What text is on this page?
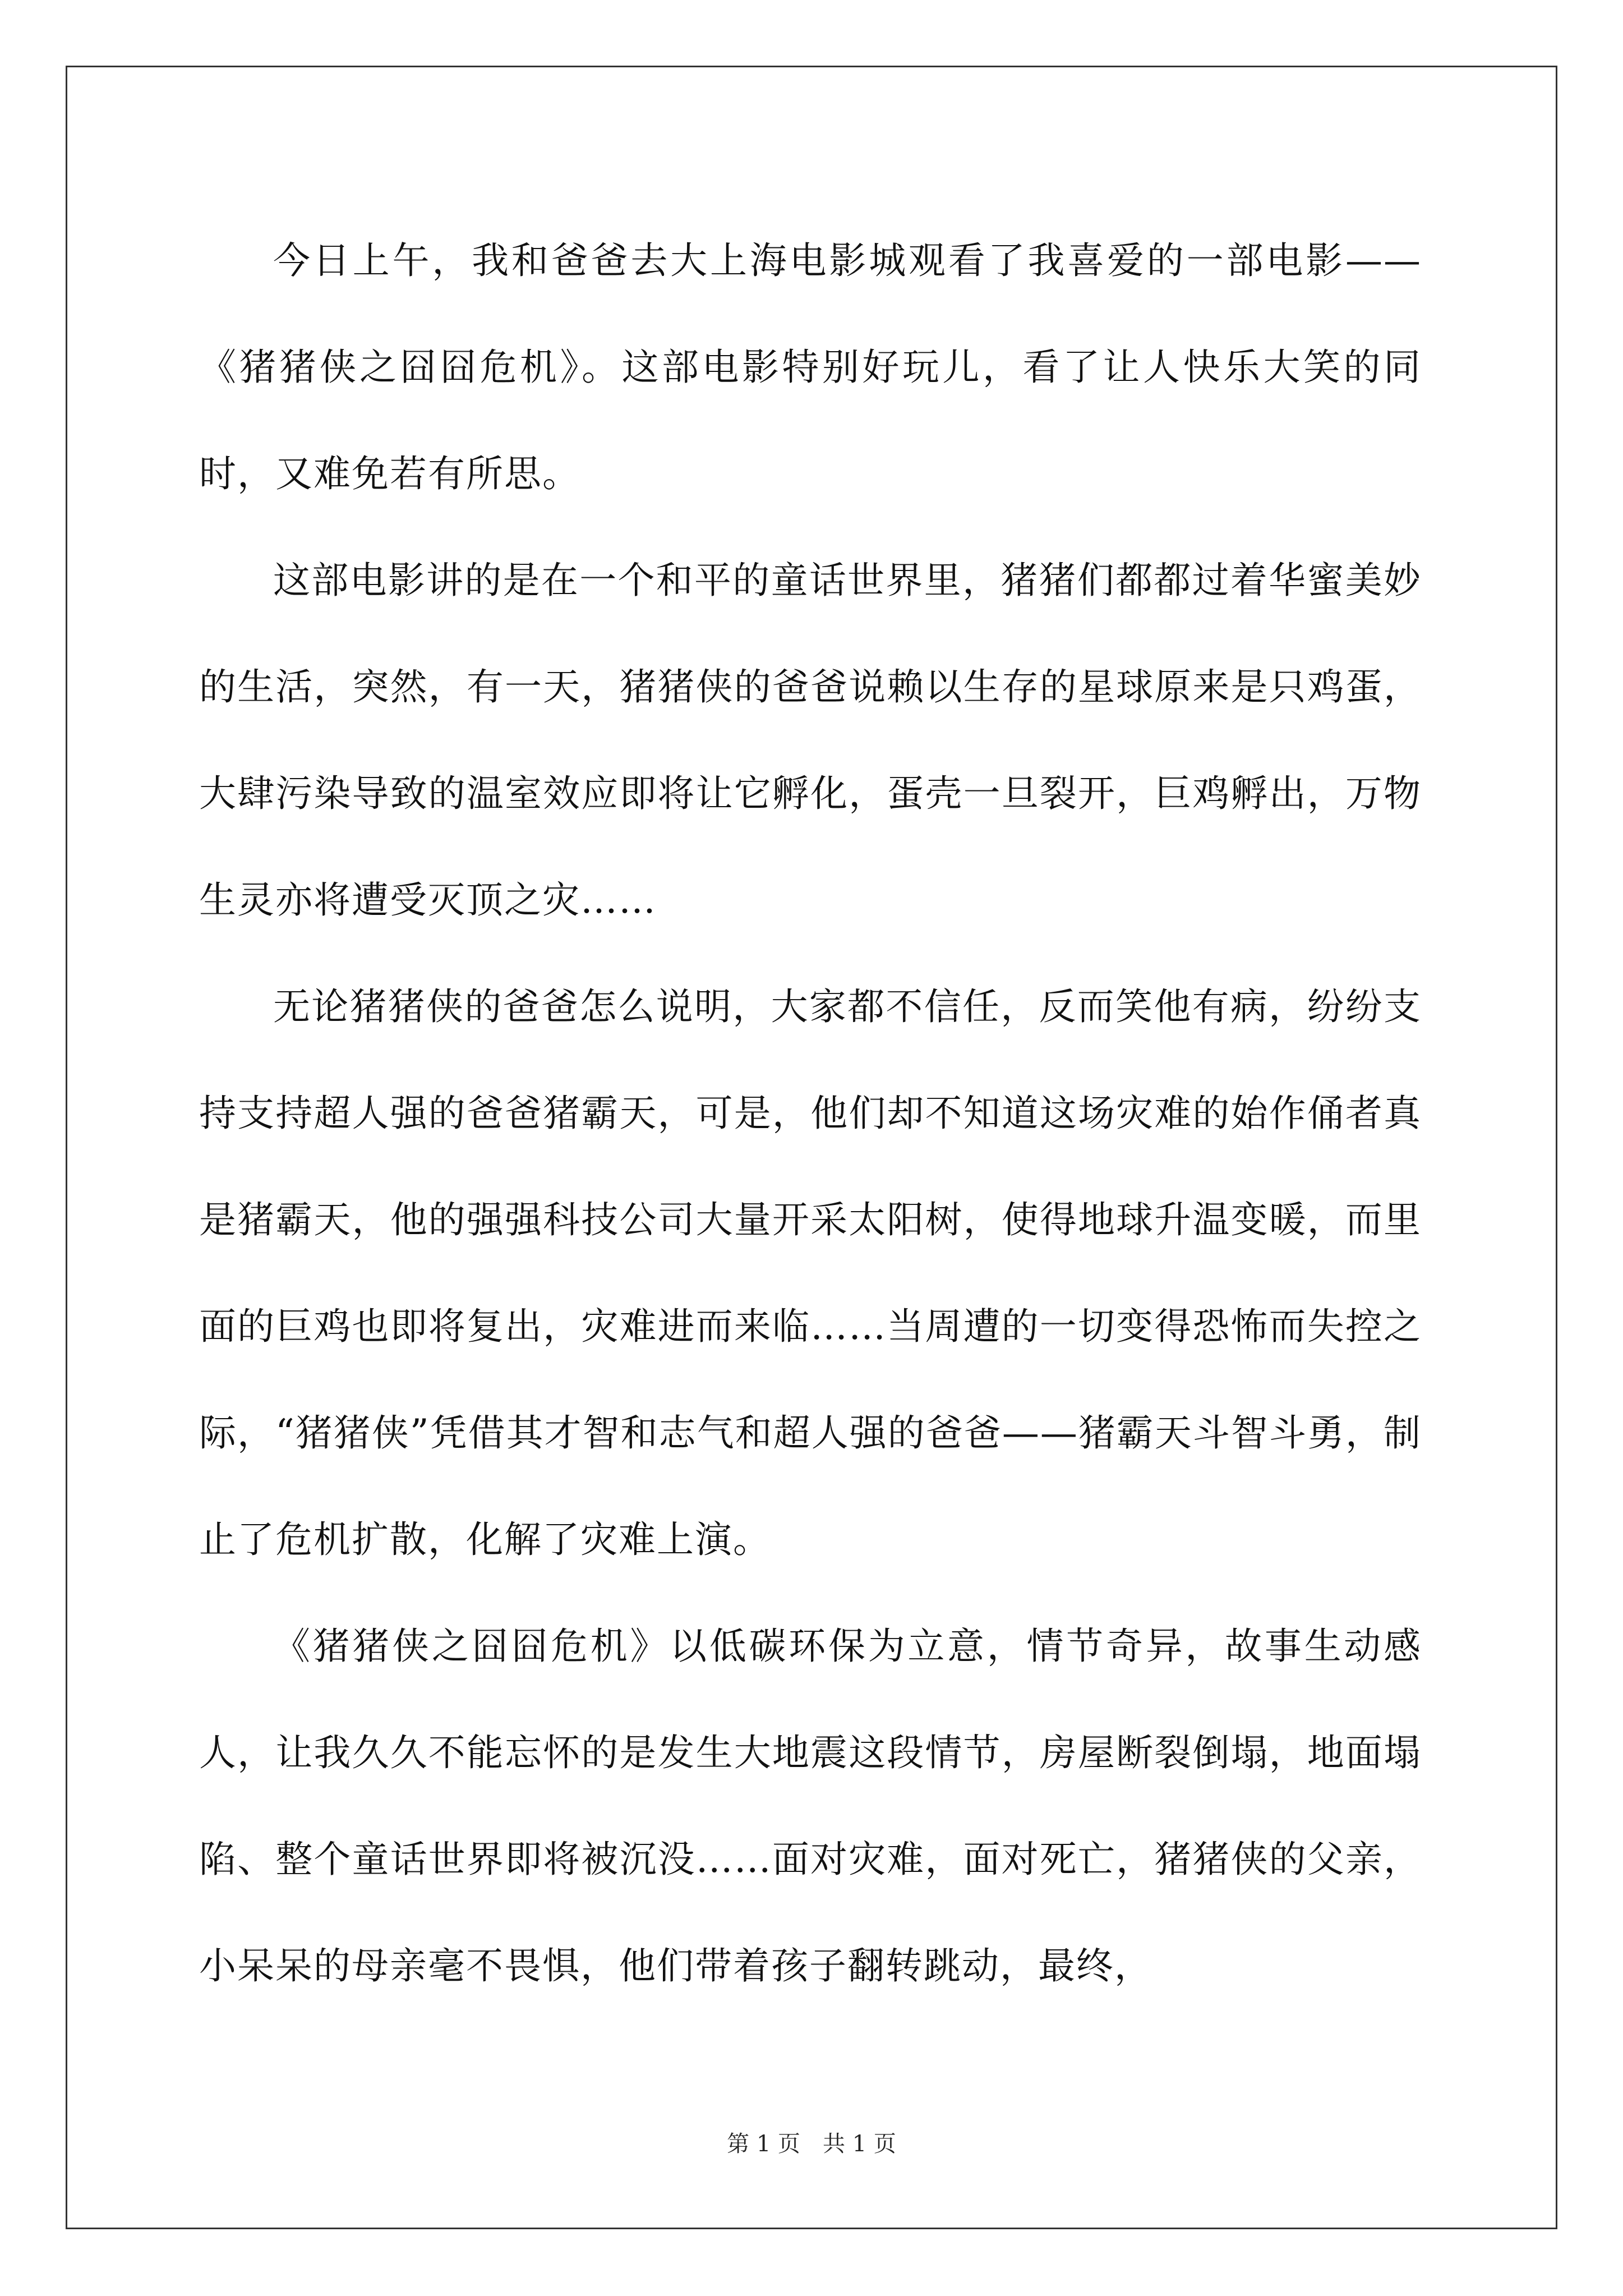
今日上午，我和爸爸去大上海电影城观看了我喜爱的一部电影——《猪猪侠之囧囧危机》。这部电影特别好玩儿，看了让人快乐大笑的同时，又难免若有所思。

这部电影讲的是在一个和平的童话世界里，猪猪们都都过着华蜜美妙的生活，突然，有一天，猪猪侠的爸爸说赖以生存的星球原来是只鸡蛋，大肆污染导致的温室效应即将让它孵化，蛋壳一旦裂开，巨鸡孵出，万物生灵亦将遭受灭顶之灾……

无论猪猪侠的爸爸怎么说明，大家都不信任，反而笑他有病，纷纷支持支持超人强的爸爸猪霸天，可是，他们却不知道这场灾难的始作俑者真是猪霸天，他的强强科技公司大量开采太阳树，使得地球升温变暖，而里面的巨鸡也即将复出，灾难进而来临……当周遭的一切变得恐怖而失控之际，“猪猪侠”凭借其才智和志气和超人强的爸爸——猪霸天斗智斗勇，制止了危机扩散，化解了灾难上演。

《猪猪侠之囧囧危机》以低碳环保为立意，情节奇异，故事生动感人，让我久久不能忘怀的是发生大地震这段情节，房屋断裂倒塌，地面塌陷、整个童话世界即将被沉没……面对灾难，面对死亡，猪猪侠的父亲，小呆呆的母亲毫不畏惧，他们带着孩子翻转跳动，最终，

第 1 页　共 1 页
